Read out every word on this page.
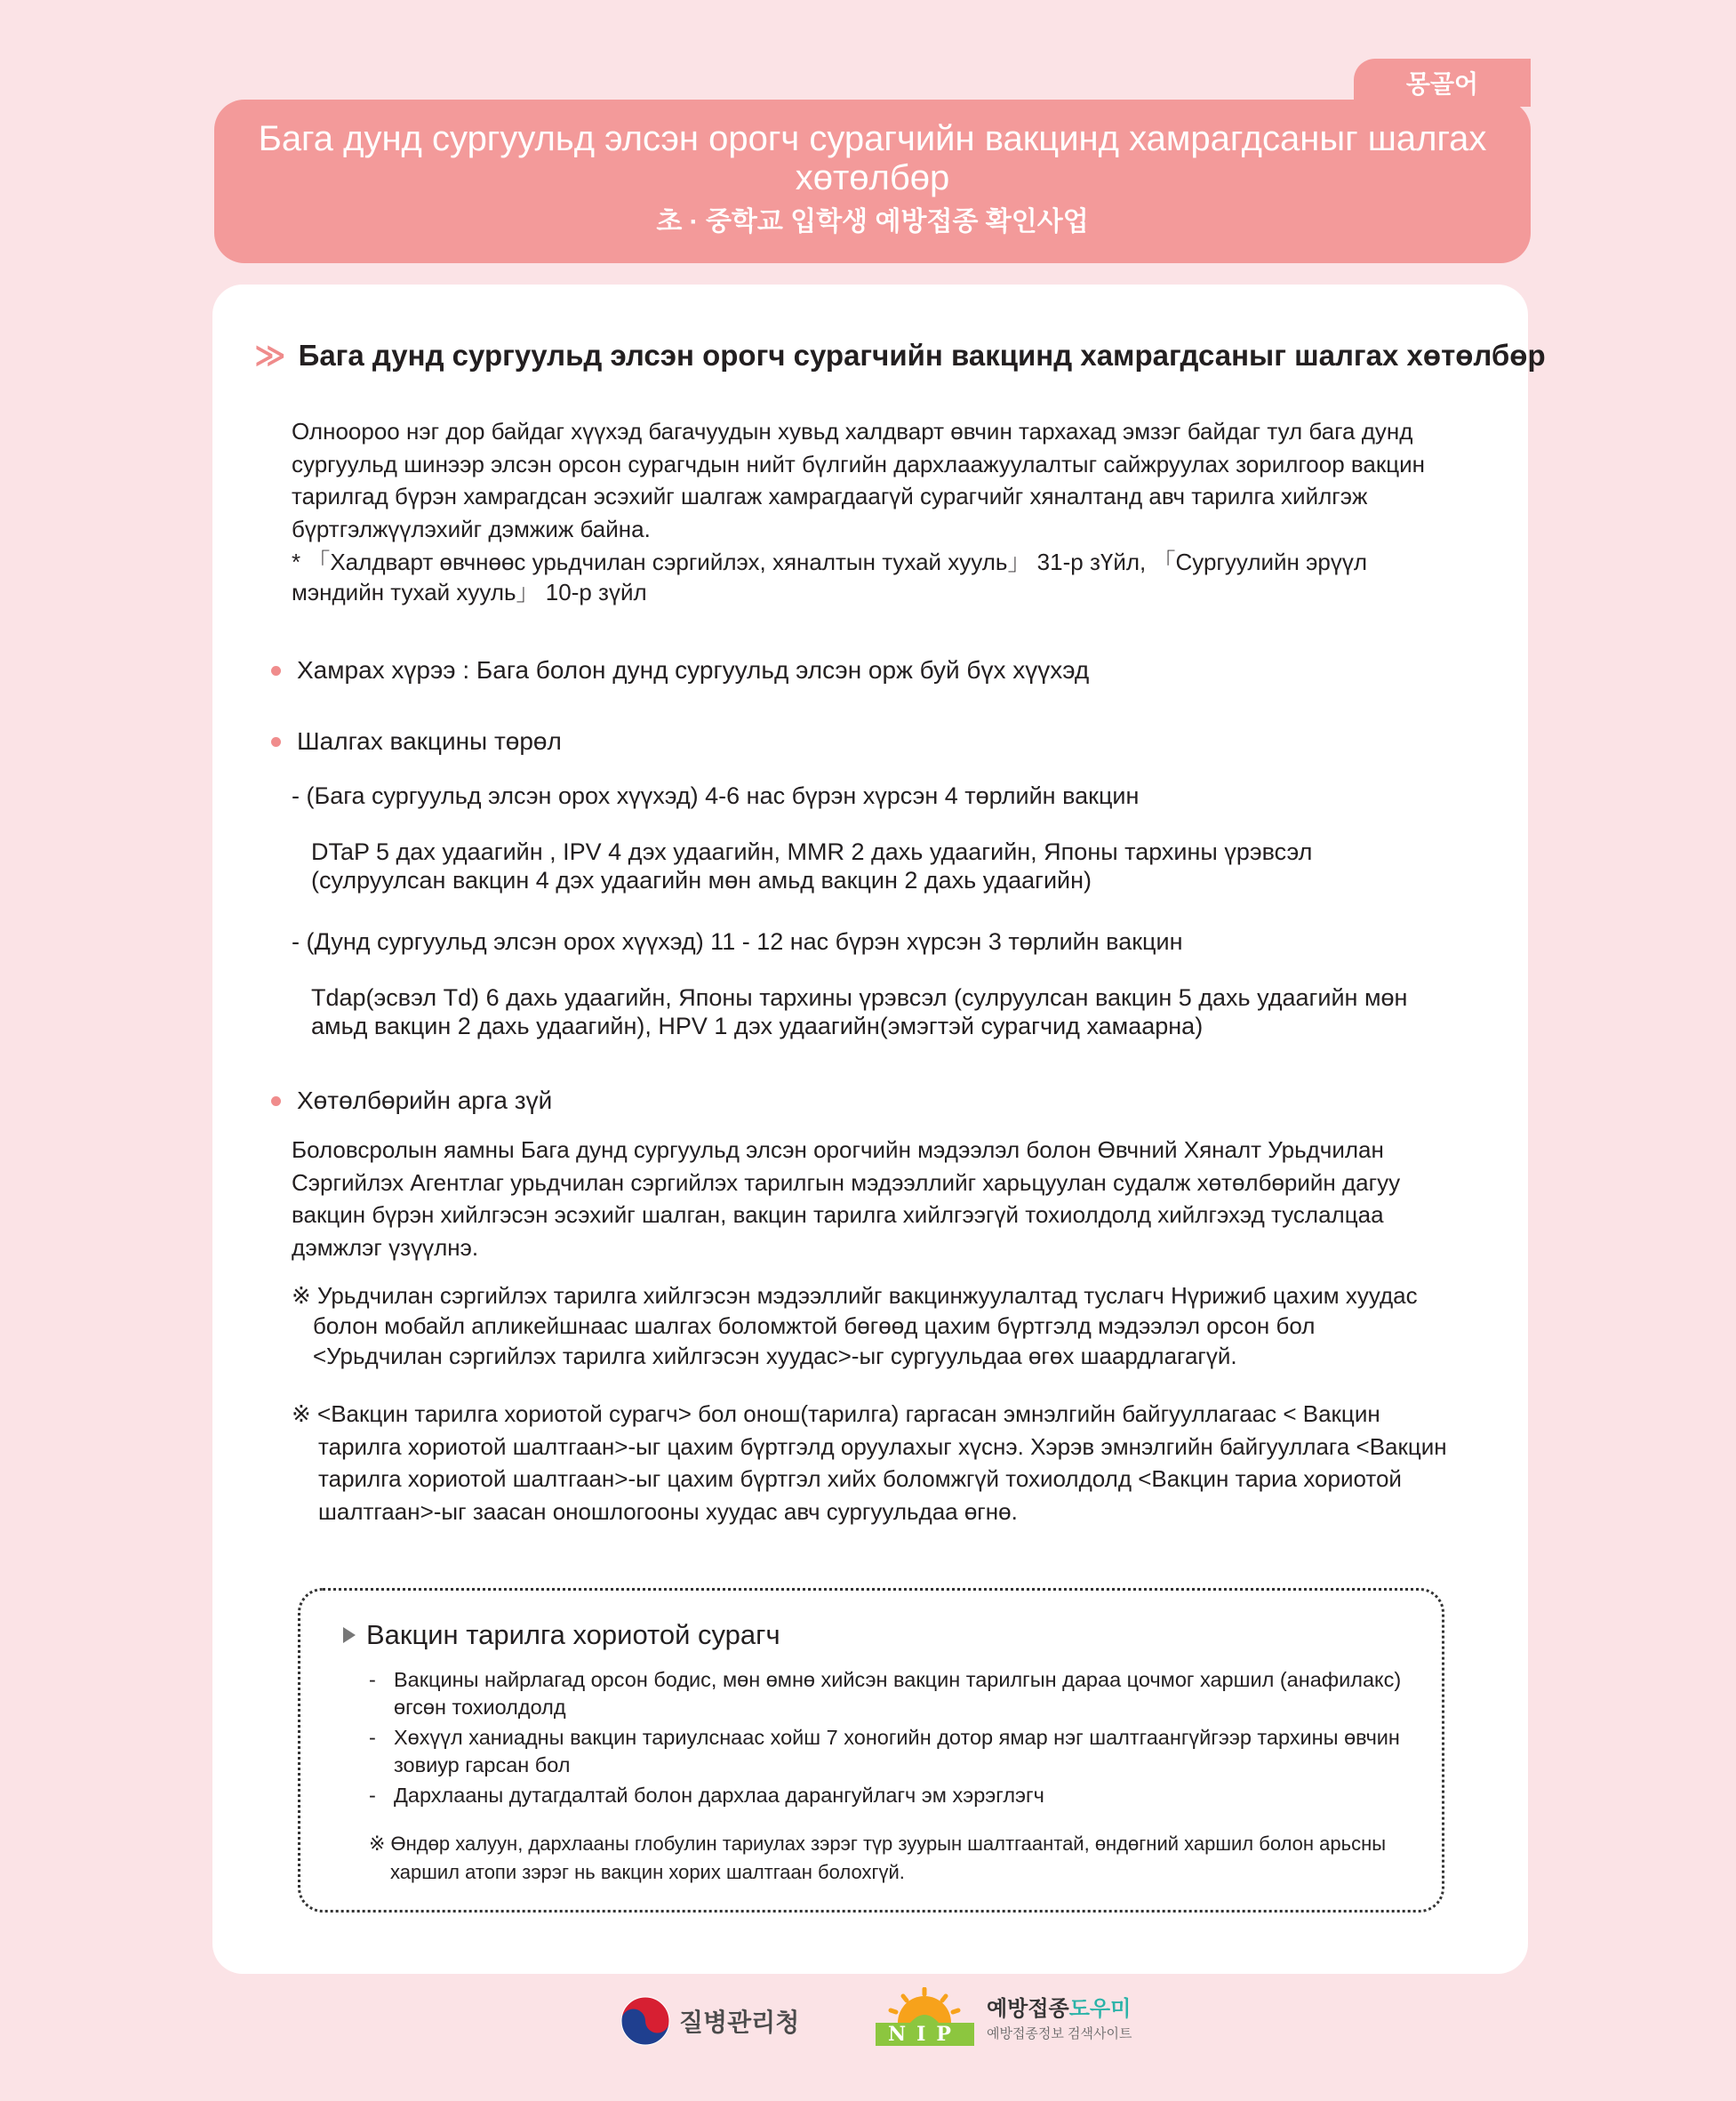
몽골어
Бага дунд сургуульд элсэн орогч сурагчийн вакцинд хамрагдсаныг шалгах хөтөлбөр
초 · 중학교 입학생 예방접종 확인사업
≫ Бага дунд сургуульд элсэн орогч сурагчийн вакцинд хамрагдсаныг шалгах хөтөлбөр
Олноороо нэг дор байдаг хүүхэд багачуудын хувьд халдварт өвчин тархахад эмзэг байдаг тул бага дунд сургуульд шинээр элсэн орсон сурагчдын нийт бүлгийн дархлаажуулалтыг сайжруулах зорилгоор вакцин тарилгад бүрэн хамрагдсан эсэхийг шалгаж хамрагдаагүй сурагчийг хяналтанд авч тарилга хийлгэж бүртгэлжүүлэхийг дэмжиж байна.
* 「Халдварт өвчнөөс урьдчилан сэргийлэх, хяналтын тухай хууль」 31-р зҮйл, 「Сургуулийн эрүүл мэндийн тухай хууль」 10-р зүйл
Хамрах хүрээ : Бага болон дунд сургуульд элсэн орж буй бүх хүүхэд
Шалгах вакцины төрөл
- (Бага сургуульд элсэн орох хүүхэд) 4-6 нас бүрэн хүрсэн 4 төрлийн вакцин
DTaP 5 дах удаагийн , IPV 4 дэх удаагийн, MMR 2 дахь удаагийн, Японы тархины үрэвсэл (сулруулсан вакцин 4 дэх удаагийн мөн амьд вакцин 2 дахь удаагийн)
- (Дунд сургуульд элсэн орох хүүхэд) 11 - 12 нас бүрэн хүрсэн 3 төрлийн вакцин
Tdap(эсвэл Td) 6 дахь удаагийн, Японы тархины үрэвсэл (сулруулсан вакцин 5 дахь удаагийн мөн амьд вакцин 2 дахь удаагийн), HPV 1 дэх удаагийн(эмэгтэй сурагчид хамаарна)
Хөтөлбөрийн арга зүй
Боловсролын яамны Бага дунд сургуульд элсэн орогчийн мэдээлэл болон Өвчний Хяналт Урьдчилан Сэргийлэх Агентлаг урьдчилан сэргийлэх тарилгын мэдээллийг харьцуулан судалж хөтөлбөрийн дагуу вакцин бүрэн хийлгэсэн эсэхийг шалган, вакцин тарилга хийлгээгүй тохиолдолд хийлгэхэд туслалцаа дэмжлэг үзүүлнэ.
※ Урьдчилан сэргийлэх тарилга хийлгэсэн мэдээллийг вакцинжуулалтад туслагч Нүрижиб цахим хуудас болон мобайл апликейшнаас шалгах боломжтой бөгөөд цахим бүртгэлд мэдээлэл орсон бол <Урьдчилан сэргийлэх тарилга хийлгэсэн хуудас>-ыг сургуульдаа өгөх шаардлагагүй.
※ <Вакцин тарилга хориотой сурагч> бол онош(тарилга) гаргасан эмнэлгийн байгууллагаас < Вакцин тарилга хориотой шалтгаан>-ыг цахим бүртгэлд оруулахыг хүснэ. Хэрэв эмнэлгийн байгууллага <Вакцин тарилга хориотой шалтгаан>-ыг цахим бүртгэл хийх боломжгүй тохиолдолд <Вакцин тариа хориотой шалтгаан>-ыг заасан оношлогооны хуудас авч сургуульдаа өгнө.
Вакцин тарилга хориотой сурагч
- Вакцины найрлагад орсон бодис, мөн өмнө хийсэн вакцин тарилгын дараа цочмог харшил (анафилакс) өгсөн тохиолдолд
- Хөхүүл ханиадны вакцин тариулснаас хойш 7 хоногийн дотор ямар нэг шалтгаангүйгээр тархины өвчин зовиур гарсан бол
- Дархлааны дутагдалтай болон дархлаа дарангуйлагч эм хэрэглэгч
※ Өндөр халуун, дархлааны глобулин тариулах зэрэг түр зуурын шалтгаантай, өндөгний харшил болон арьсны харшил атопи зэрэг нь вакцин хорих шалтгаан болохгүй.
질병관리청	NIP
예방접종도우미
예방접종정보 검색사이트
